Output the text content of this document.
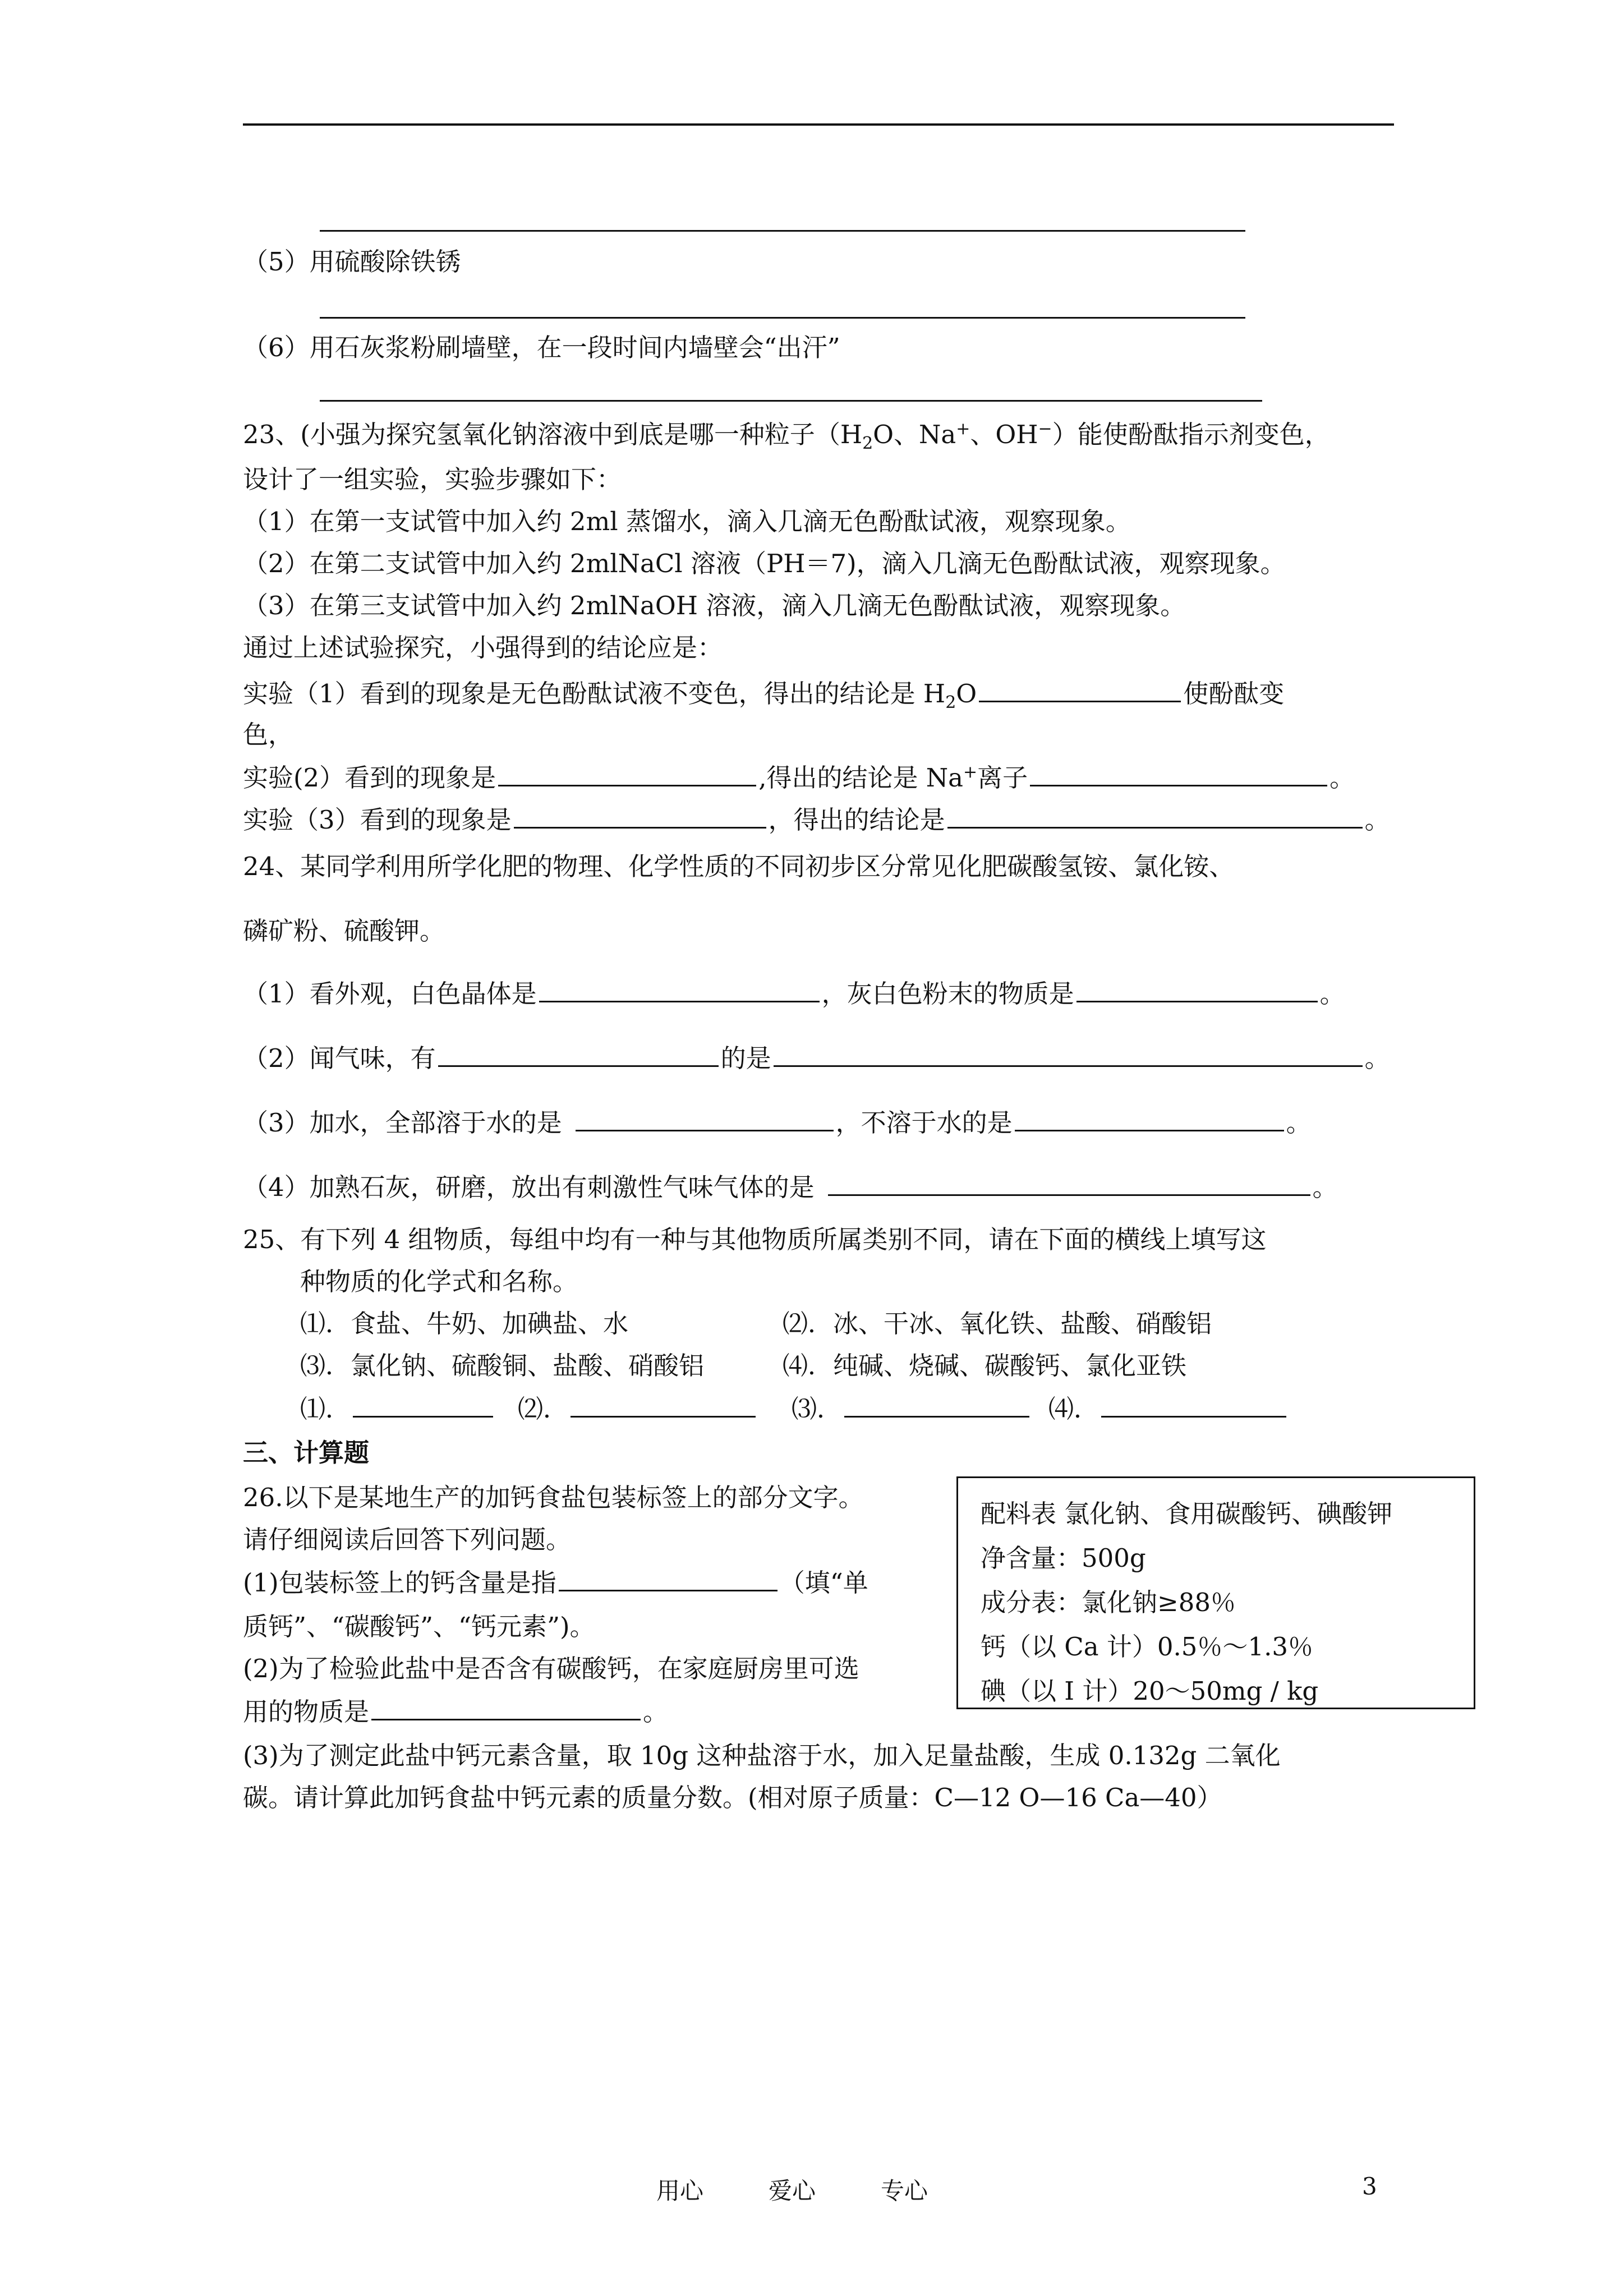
（5）用硫酸除铁锈
（6）用石灰浆粉刷墙壁，在一段时间内墙壁会“出汗”
23、(小强为探究氢氧化钠溶液中到底是哪一种粒子（$H_2O$、Na+、OH−）能使酚酞指示剂变色，
设计了一组实验，实验步骤如下：
（1）在第一支试管中加入约 2ml 蒸馏水，滴入几滴无色酚酞试液，观察现象。
（2）在第二支试管中加入约 2mlNaCl 溶液（PH＝7)，滴入几滴无色酚酞试液，观察现象。
（3）在第三支试管中加入约 2mlNaOH 溶液，滴入几滴无色酚酞试液，观察现象。
通过上述试验探究，小强得到的结论应是：
实验（1）看到的现象是无色酚酞试液不变色，得出的结论是 $H_2O$	使酚酞变
色，
实验(2）看到的现象是	,得出的结论是 Na+离子	。
实验（3）看到的现象是	，得出的结论是	。
24、某同学利用所学化肥的物理、化学性质的不同初步区分常见化肥碳酸氢铵、氯化铵、
磷矿粉、硫酸钾。
（1）看外观，白色晶体是	，灰白色粉末的物质是	。
（2）闻气味，有	的是	。
（3）加水，全部溶于水的是	，不溶于水的是	。
（4）加熟石灰，研磨，放出有刺激性气味气体的是	。
25、有下列 4 组物质，每组中均有一种与其他物质所属类别不同，请在下面的横线上填写这
种物质的化学式和名称。
⑴．食盐、牛奶、加碘盐、水	⑵．冰、干冰、氧化铁、盐酸、硝酸铝
⑶．氯化钠、硫酸铜、盐酸、硝酸铝	⑷．纯碱、烧碱、碳酸钙、氯化亚铁
⑴．	⑵．	⑶．	⑷．
三、计算题
26.以下是某地生产的加钙食盐包装标签上的部分文字。
请仔细阅读后回答下列问题。
(1)包装标签上的钙含量是指	（填“单
质钙”、“碳酸钙”、“钙元素”)。
(2)为了检验此盐中是否含有碳酸钙，在家庭厨房里可选
用的物质是	。
(3)为了测定此盐中钙元素含量，取 10g 这种盐溶于水，加入足量盐酸，生成 0.132g 二氧化
碳。请计算此加钙食盐中钙元素的质量分数。(相对原子质量：C—12 O—16 Ca—40）
配料表 氯化钠、食用碳酸钙、碘酸钾
净含量：500g
成分表：氯化钠≥88％
钙（以 Ca 计）0.5％～1.3％
碘（以 I 计）20～50mg / kg
用心	爱心	专心	3
